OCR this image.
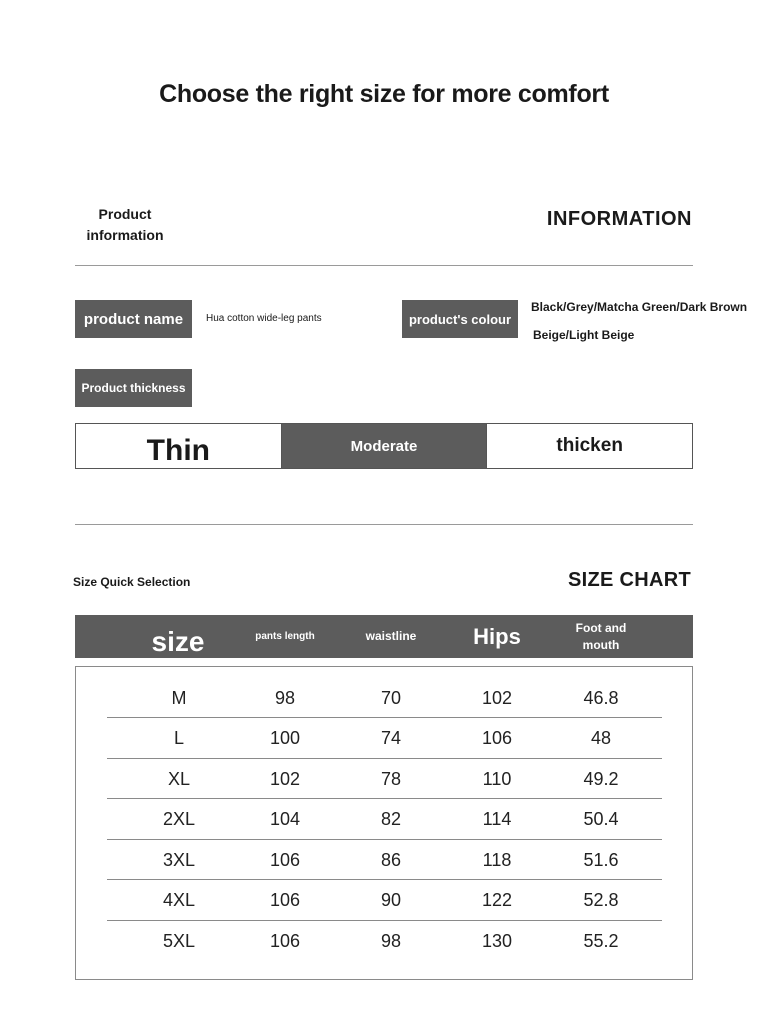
Choose the right size for more comfort
Product
information
INFORMATION
product name	Hua cotton wide-leg pants	product's colour
Black/Grey/Matcha Green/Dark Brown
Beige/Light Beige
Product thickness
Thin	Moderate	thicken
Size Quick Selection	SIZE CHART
size	pants length	waistline	Hips	Foot and mouth
M	98	70	102	46.8
L	100	74	106	48
XL	102	78	110	49.2
2XL	104	82	114	50.4
3XL	106	86	118	51.6
4XL	106	90	122	52.8
5XL	106	98	130	55.2
